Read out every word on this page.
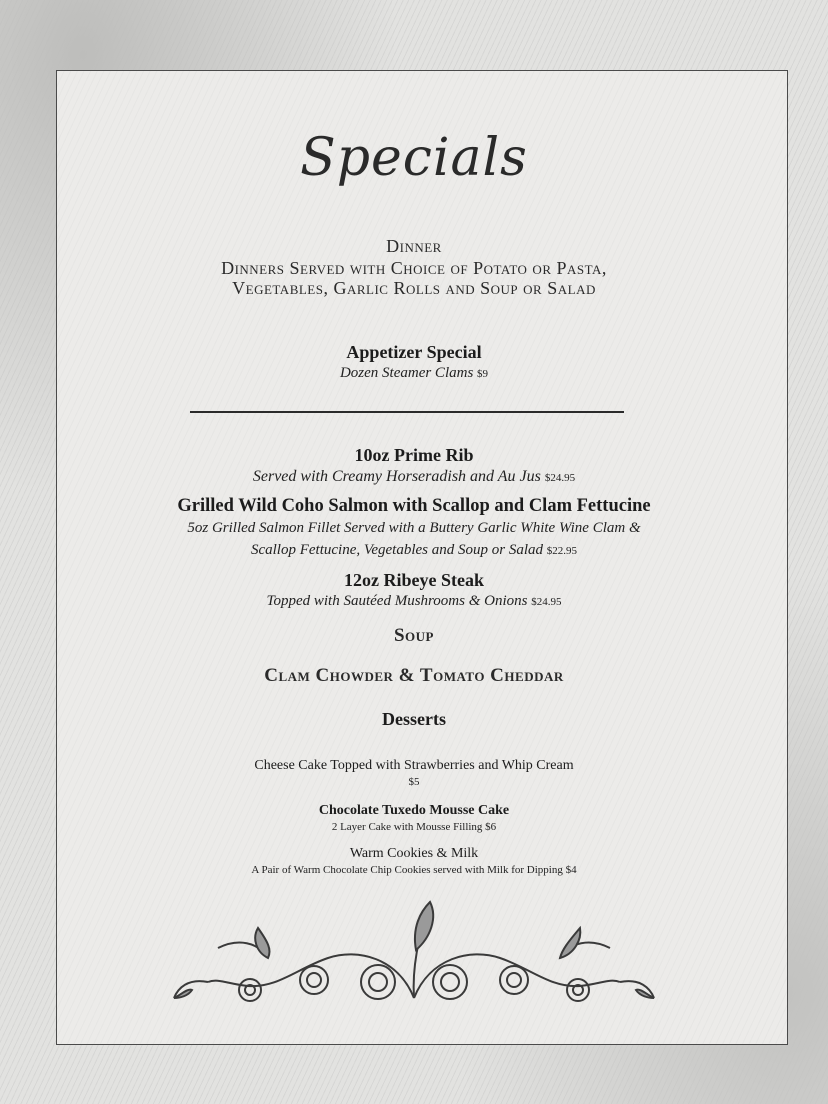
Specials
Dinner
Dinners Served with Choice of Potato or Pasta,
Vegetables, Garlic Rolls and Soup or Salad
Appetizer Special
Dozen Steamer Clams $9
10oz Prime Rib
Served with Creamy Horseradish and Au Jus $24.95
Grilled Wild Coho Salmon with Scallop and Clam Fettucine
5oz Grilled Salmon Fillet Served with a Buttery Garlic White Wine Clam &
Scallop Fettucine, Vegetables and Soup or Salad $22.95
12oz Ribeye Steak
Topped with Sautéed Mushrooms & Onions $24.95
Soup
Clam Chowder & Tomato Cheddar
Desserts
Cheese Cake Topped with Strawberries and Whip Cream
$5
Chocolate Tuxedo Mousse Cake
2 Layer Cake with Mousse Filling $6
Warm Cookies & Milk
A Pair of Warm Chocolate Chip Cookies served with Milk for Dipping $4
